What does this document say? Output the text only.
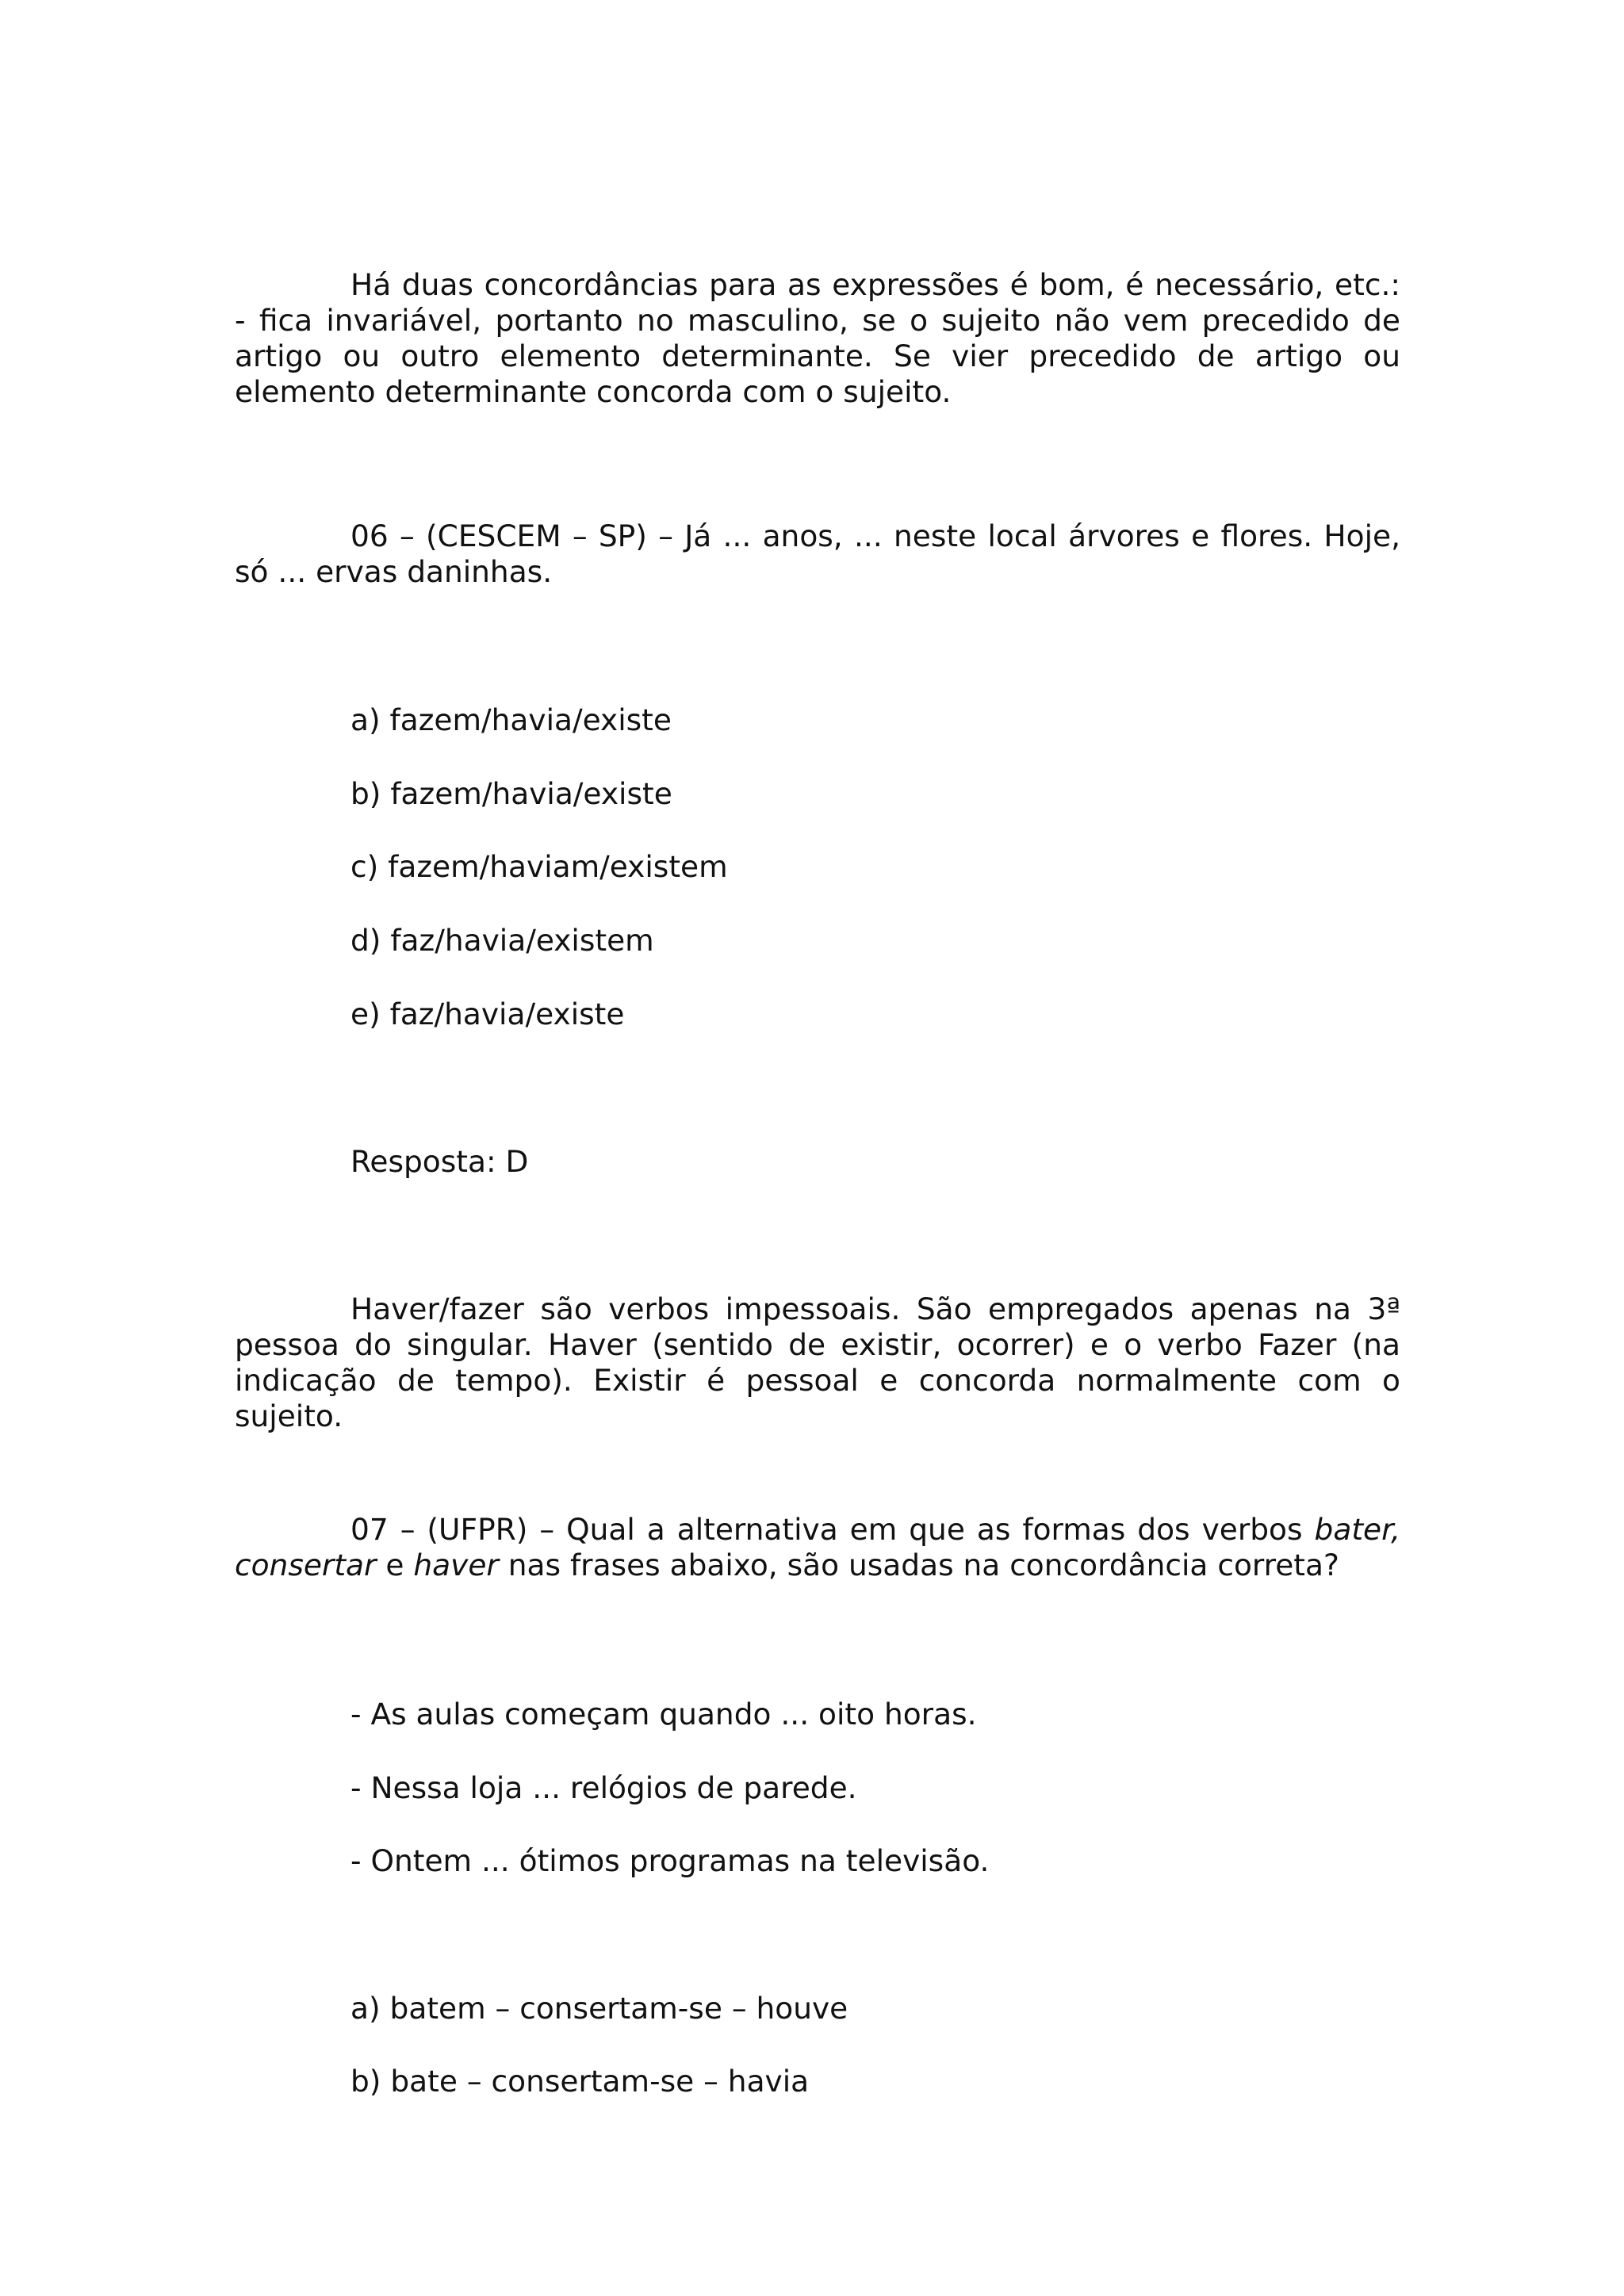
Há duas concordâncias para as expressões é bom, é necessário, etc.:

- fica invariável, portanto no masculino, se o sujeito não vem precedido de artigo ou outro elemento determinante. Se vier precedido de artigo ou elemento determinante concorda com o sujeito.

06 – (CESCEM – SP) – Já ... anos, ... neste local árvores e flores. Hoje, só ... ervas daninhas.

a) fazem/havia/existe
b) fazem/havia/existe
c) fazem/haviam/existem
d) faz/havia/existem
e) faz/havia/existe
Resposta: D

Haver/fazer são verbos impessoais. São empregados apenas na 3ª pessoa do singular. Haver (sentido de existir, ocorrer) e o verbo Fazer (na indicação de tempo). Existir é pessoal e concorda normalmente com o sujeito.

07 – (UFPR) – Qual a alternativa em que as formas dos verbos bater, consertar e haver nas frases abaixo, são usadas na concordância correta?

- As aulas começam quando ... oito horas.
- Nessa loja ... relógios de parede.
- Ontem ... ótimos programas na televisão.
a) batem – consertam-se – houve
b) bate – consertam-se – havia
